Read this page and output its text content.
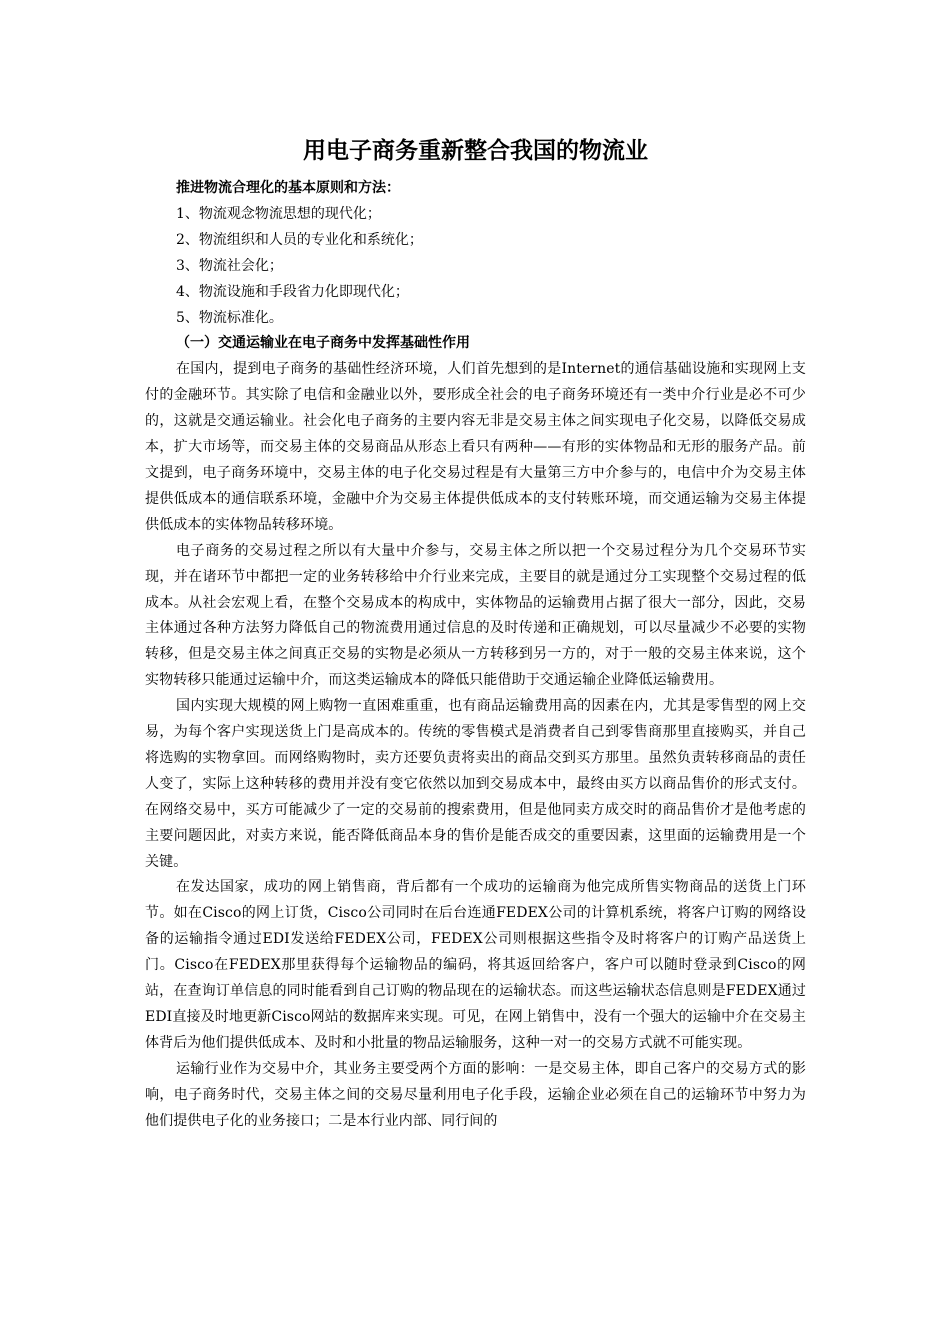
用电子商务重新整合我国的物流业

推进物流合理化的基本原则和方法：

1、物流观念物流思想的现代化；

2、物流组织和人员的专业化和系统化；

3、物流社会化；

4、物流设施和手段省力化即现代化；

5、物流标准化。

（一）交通运输业在电子商务中发挥基础性作用

在国内，提到电子商务的基础性经济环境，人们首先想到的是Internet的通信基础设施和实现网上支付的金融环节。其实除了电信和金融业以外，要形成全社会的电子商务环境还有一类中介行业是必不可少的，这就是交通运输业。社会化电子商务的主要内容无非是交易主体之间实现电子化交易，以降低交易成本，扩大市场等，而交易主体的交易商品从形态上看只有两种——有形的实体物品和无形的服务产品。前文提到，电子商务环境中，交易主体的电子化交易过程是有大量第三方中介参与的，电信中介为交易主体提供低成本的通信联系环境，金融中介为交易主体提供低成本的支付转账环境，而交通运输为交易主体提供低成本的实体物品转移环境。

电子商务的交易过程之所以有大量中介参与，交易主体之所以把一个交易过程分为几个交易环节实现，并在诸环节中都把一定的业务转移给中介行业来完成，主要目的就是通过分工实现整个交易过程的低成本。从社会宏观上看，在整个交易成本的构成中，实体物品的运输费用占据了很大一部分，因此，交易主体通过各种方法努力降低自己的物流费用通过信息的及时传递和正确规划，可以尽量减少不必要的实物转移，但是交易主体之间真正交易的实物是必须从一方转移到另一方的，对于一般的交易主体来说，这个实物转移只能通过运输中介，而这类运输成本的降低只能借助于交通运输企业降低运输费用。

国内实现大规模的网上购物一直困难重重，也有商品运输费用高的因素在内，尤其是零售型的网上交易，为每个客户实现送货上门是高成本的。传统的零售模式是消费者自己到零售商那里直接购买，并自己将选购的实物拿回。而网络购物时，卖方还要负责将卖出的商品交到买方那里。虽然负责转移商品的责任人变了，实际上这种转移的费用并没有变它依然以加到交易成本中，最终由买方以商品售价的形式支付。在网络交易中，买方可能减少了一定的交易前的搜索费用，但是他同卖方成交时的商品售价才是他考虑的主要问题因此，对卖方来说，能否降低商品本身的售价是能否成交的重要因素，这里面的运输费用是一个关键。

在发达国家，成功的网上销售商，背后都有一个成功的运输商为他完成所售实物商品的送货上门环节。如在Cisco的网上订货，Cisco公司同时在后台连通FEDEX公司的计算机系统，将客户订购的网络设备的运输指令通过EDI发送给FEDEX公司，FEDEX公司则根据这些指令及时将客户的订购产品送货上门。Cisco在FEDEX那里获得每个运输物品的编码，将其返回给客户，客户可以随时登录到Cisco的网站，在查询订单信息的同时能看到自己订购的物品现在的运输状态。而这些运输状态信息则是FEDEX通过EDI直接及时地更新Cisco网站的数据库来实现。可见，在网上销售中，没有一个强大的运输中介在交易主体背后为他们提供低成本、及时和小批量的物品运输服务，这种一对一的交易方式就不可能实现。

运输行业作为交易中介，其业务主要受两个方面的影响：一是交易主体，即自己客户的交易方式的影响，电子商务时代，交易主体之间的交易尽量利用电子化手段，运输企业必须在自己的运输环节中努力为他们提供电子化的业务接口；二是本行业内部、同行间的
